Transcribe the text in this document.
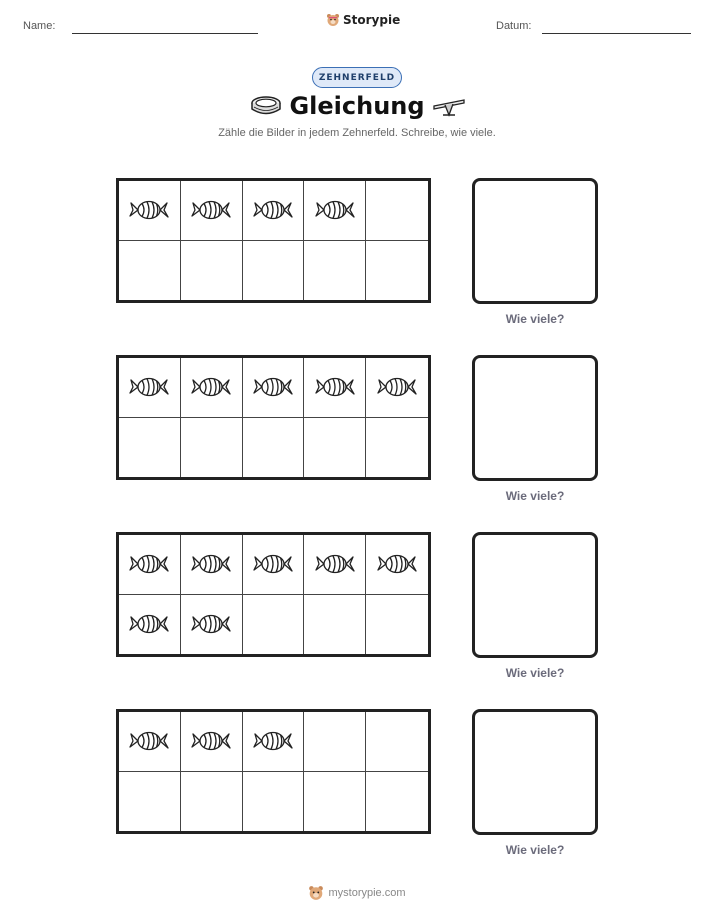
Name:	Storypie	Datum:
ZEHNERFELD
Gleichung
Zähle die Bilder in jedem Zehnerfeld. Schreibe, wie viele.
Wie viele?
Wie viele?
Wie viele?
Wie viele?
mystorypie.com
